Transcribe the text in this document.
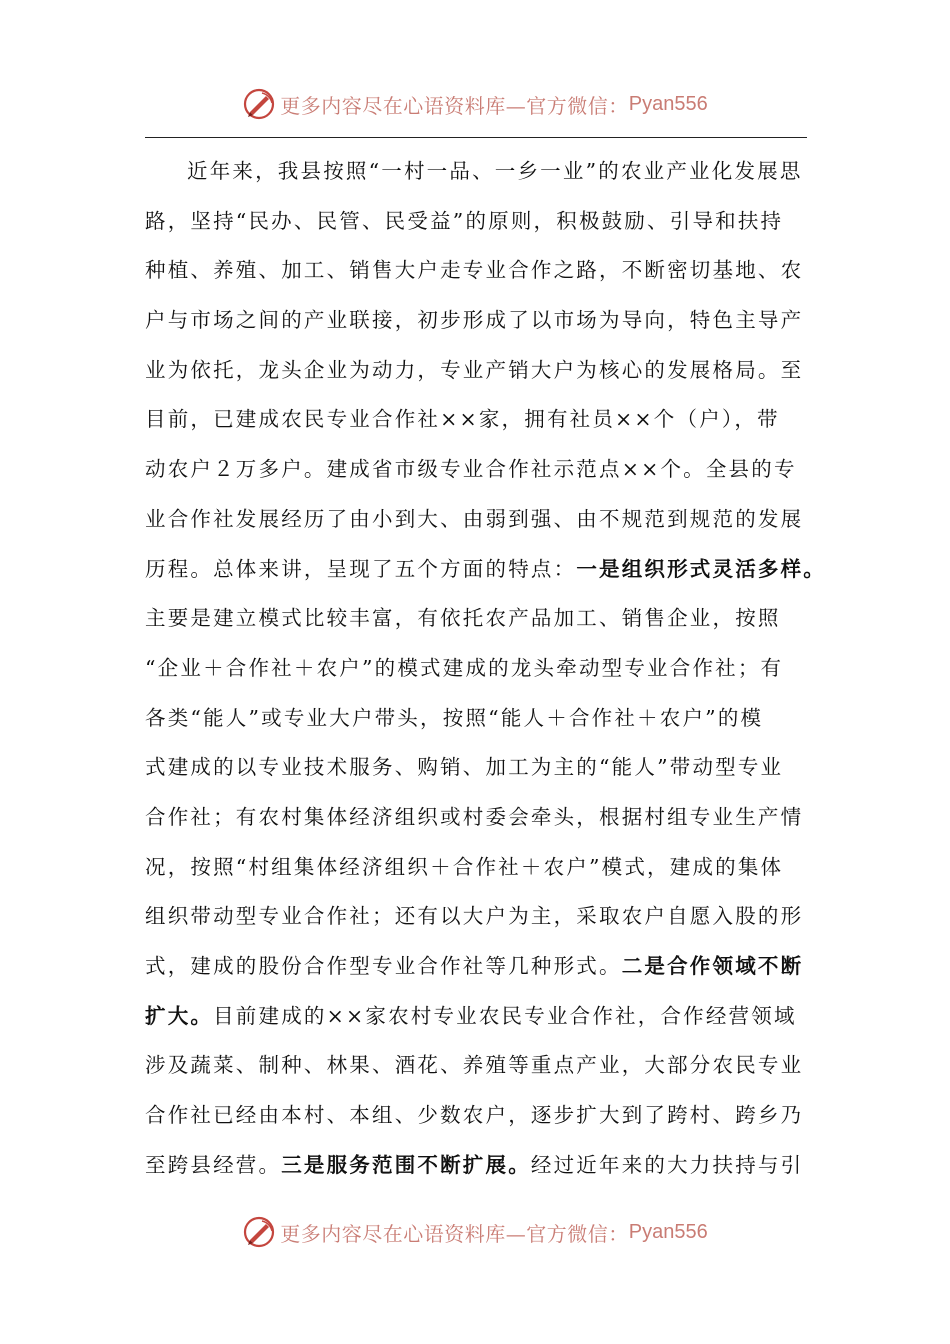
更多内容尽在心语资料库—官方微信： Pyan556
近年来，我县按照“一村一品、一乡一业”的农业产业化发展思
路，坚持“民办、民管、民受益”的原则，积极鼓励、引导和扶持
种植、养殖、加工、销售大户走专业合作之路，不断密切基地、农
户与市场之间的产业联接，初步形成了以市场为导向，特色主导产
业为依托，龙头企业为动力，专业产销大户为核心的发展格局。至
目前，已建成农民专业合作社××家，拥有社员××个（户），带
动农户２万多户。建成省市级专业合作社示范点××个。全县的专
业合作社发展经历了由小到大、由弱到强、由不规范到规范的发展
历程。总体来讲，呈现了五个方面的特点：一是组织形式灵活多样。
主要是建立模式比较丰富，有依托农产品加工、销售企业，按照
“企业＋合作社＋农户”的模式建成的龙头牵动型专业合作社；有
各类“能人”或专业大户带头，按照“能人＋合作社＋农户”的模
式建成的以专业技术服务、购销、加工为主的“能人”带动型专业
合作社；有农村集体经济组织或村委会牵头，根据村组专业生产情
况，按照“村组集体经济组织＋合作社＋农户”模式，建成的集体
组织带动型专业合作社；还有以大户为主，采取农户自愿入股的形
式，建成的股份合作型专业合作社等几种形式。二是合作领域不断
扩大。目前建成的××家农村专业农民专业合作社，合作经营领域
涉及蔬菜、制种、林果、酒花、养殖等重点产业，大部分农民专业
合作社已经由本村、本组、少数农户，逐步扩大到了跨村、跨乡乃
至跨县经营。三是服务范围不断扩展。经过近年来的大力扶持与引
更多内容尽在心语资料库—官方微信： Pyan556
